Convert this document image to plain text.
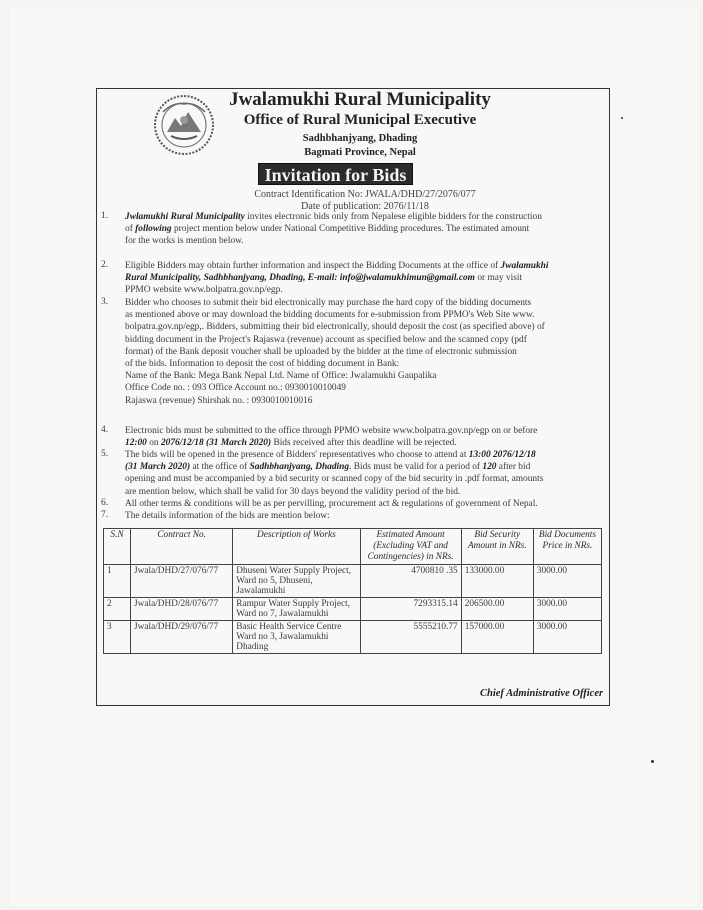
Jwalamukhi Rural Municipality
Office of Rural Municipal Executive
Sadhbhanjyang, Dhading
Bagmati Province, Nepal
Invitation for Bids
Contract Identification No: JWALA/DHD/27/2076/077
Date of publication: 2076/11/18
1. Jwlamukhi Rural Municipality invites electronic bids only from Nepalese eligible bidders for the construction
of following project mention below under National Competitive Bidding procedures. The estimated amount
for the works is mention below.
2. Eligible Bidders may obtain further information and inspect the Bidding Documents at the office of Jwalamukhi
Rural Municipality, Sadhbhanjyang, Dhading, E-mail: info@jwalamukhimun@gmail.com or may visit
PPMO website www.bolpatra.gov.np/egp.
3. Bidder who chooses to submit their bid electronically may purchase the hard copy of the bidding documents
as mentioned above or may download the bidding documents for e-submission from PPMO's Web Site www.
bolpatra.gov.np/egp,. Bidders, submitting their bid electronically, should deposit the cost (as specified above) of
bidding document in the Project's Rajaswa (revenue) account as specified below and the scanned copy (pdf
format) of the Bank deposit voucher shall be uploaded by the bidder at the time of electronic submission
of the bids. Information to deposit the cost of bidding document in Bank:
Name of the Bank: Mega Bank Nepal Ltd. Name of Office: Jwalamukhi Gaupalika
Office Code no. : 093 Office Account no.: 0930010010049
Rajaswa (revenue) Shirshak no. : 0930010010016
4. Electronic bids must be submitted to the office through PPMO website www.bolpatra.gov.np/egp on or before
12:00 on 2076/12/18 (31 March 2020) Bids received after this deadline will be rejected.
5. The bids will be opened in the presence of Bidders' representatives who choose to attend at 13:00 2076/12/18
(31 March 2020) at the office of Sadhbhanjyang, Dhading. Bids must be valid for a period of 120 after bid
opening and must be accompanied by a bid security or scanned copy of the bid security in .pdf format, amounts
are mention below, which shall be valid for 30 days beyond the validity period of the bid.
6. All other terms & conditions will be as per pervilling, procurement act & regulations of government of Nepal.
7. The details information of the bids are mention below:
S.N	Contract No.	Description of Works	Estimated Amount (Excluding VAT and Contingencies) in NRs.	Bid Security Amount in NRs.	Bid Documents Price in NRs.
1	Jwala/DHD/27/076/77	Dhuseni Water Supply Project, Ward no 5, Dhuseni, Jawalamukhi	4700810 .35	133000.00	3000.00
2	Jwala/DHD/28/076/77	Rampur Water Supply Project, Ward no 7, Jawalamukhi	7293315.14	206500.00	3000.00
3	Jwala/DHD/29/076/77	Basic Health Service Centre Ward no 3, Jawalamukhi Dhading	5555210.77	157000.00	3000.00
Chief Administrative Officer
